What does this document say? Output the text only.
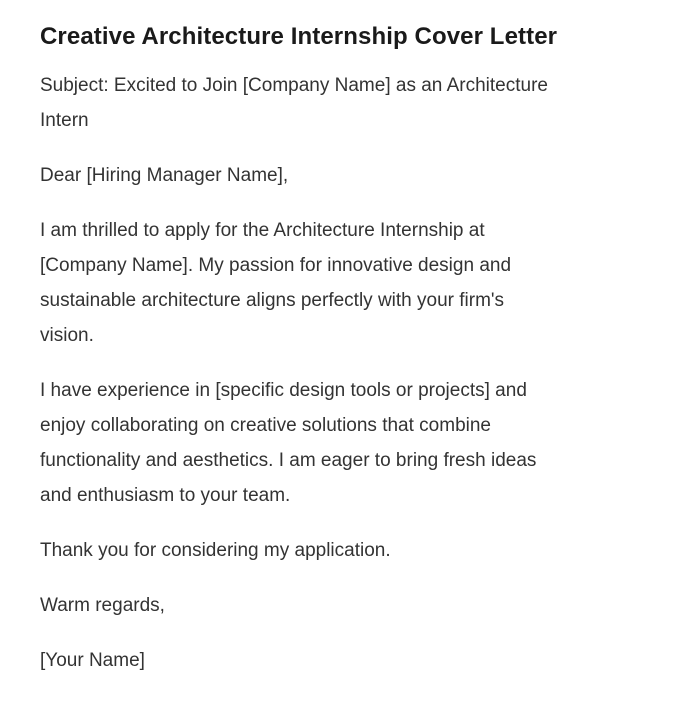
Creative Architecture Internship Cover Letter

Subject: Excited to Join [Company Name] as an Architecture
Intern

Dear [Hiring Manager Name],

I am thrilled to apply for the Architecture Internship at
[Company Name]. My passion for innovative design and
sustainable architecture aligns perfectly with your firm's
vision.

I have experience in [specific design tools or projects] and
enjoy collaborating on creative solutions that combine
functionality and aesthetics. I am eager to bring fresh ideas
and enthusiasm to your team.

Thank you for considering my application.

Warm regards,

[Your Name]
